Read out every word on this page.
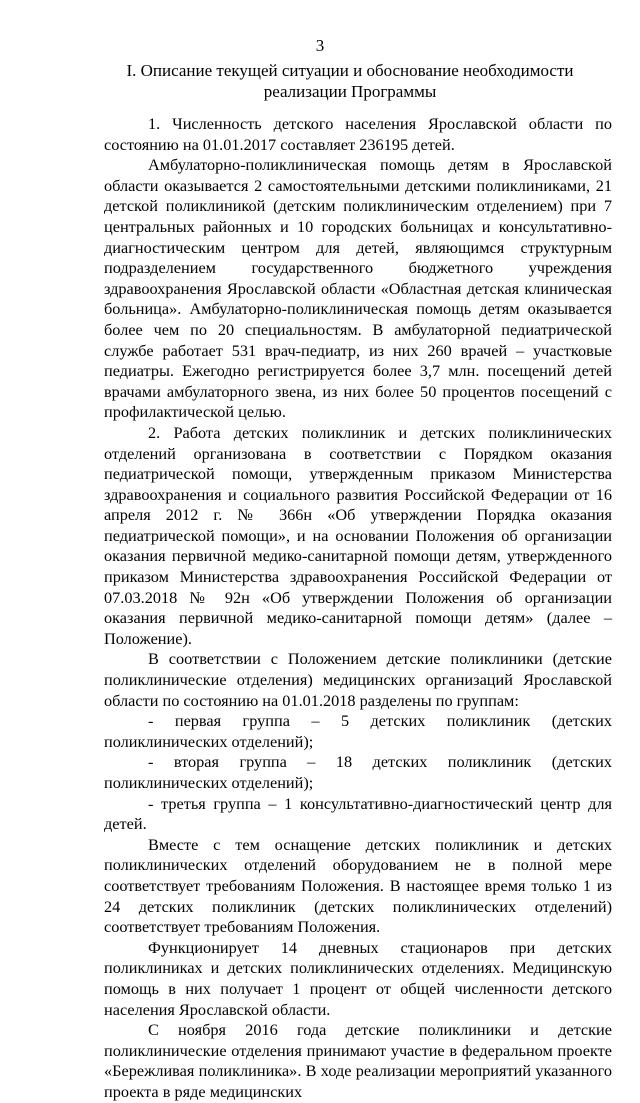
3
I. Описание текущей ситуации и обоснование необходимости реализации Программы

1. Численность детского населения Ярославской области по состоянию на 01.01.2017 составляет 236195 детей.

Амбулаторно-поликлиническая помощь детям в Ярославской области оказывается 2 самостоятельными детскими поликлиниками, 21 детской поликлиникой (детским поликлиническим отделением) при 7 центральных районных и 10 городских больницах и консультативно-диагностическим центром для детей, являющимся структурным подразделением государственного бюджетного учреждения здравоохранения Ярославской области «Областная детская клиническая больница». Амбулаторно-поликлиническая помощь детям оказывается более чем по 20 специальностям. В амбулаторной педиатрической службе работает 531 врач-педиатр, из них 260 врачей – участковые педиатры. Ежегодно регистрируется более 3,7 млн. посещений детей врачами амбулаторного звена, из них более 50 процентов посещений с профилактической целью.

2. Работа детских поликлиник и детских поликлинических отделений организована в соответствии с Порядком оказания педиатрической помощи, утвержденным приказом Министерства здравоохранения и социального развития Российской Федерации от 16 апреля 2012 г. № 366н «Об утверждении Порядка оказания педиатрической помощи», и на основании Положения об организации оказания первичной медико-санитарной помощи детям, утвержденного приказом Министерства здравоохранения Российской Федерации от 07.03.2018 № 92н «Об утверждении Положения об организации оказания первичной медико-санитарной помощи детям» (далее – Положение).

В соответствии с Положением детские поликлиники (детские поликлинические отделения) медицинских организаций Ярославской области по состоянию на 01.01.2018 разделены по группам:

- первая группа – 5 детских поликлиник (детских поликлинических отделений);

- вторая группа – 18 детских поликлиник (детских поликлинических отделений);

- третья группа – 1 консультативно-диагностический центр для детей.

Вместе с тем оснащение детских поликлиник и детских поликлинических отделений оборудованием не в полной мере соответствует требованиям Положения. В настоящее время только 1 из 24 детских поликлиник (детских поликлинических отделений) соответствует требованиям Положения.

Функционирует 14 дневных стационаров при детских поликлиниках и детских поликлинических отделениях. Медицинскую помощь в них получает 1 процент от общей численности детского населения Ярославской области.

С ноября 2016 года детские поликлиники и детские поликлинические отделения принимают участие в федеральном проекте «Бережливая поликлиника». В ходе реализации мероприятий указанного проекта в ряде медицинских
